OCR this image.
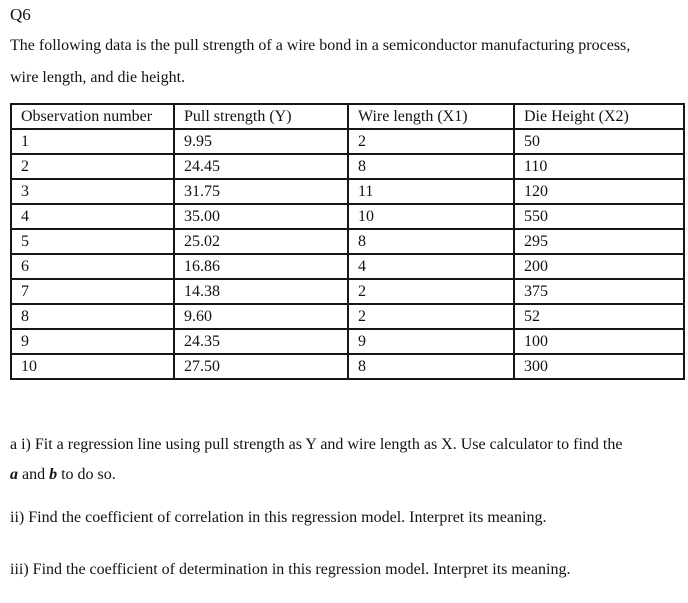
Q6
The following data is the pull strength of a wire bond in a semiconductor manufacturing process,
wire length, and die height.
Observation number	Pull strength (Y)	Wire length (X1)	Die Height (X2)
1	9.95	2	50
2	24.45	8	110
3	31.75	11	120
4	35.00	10	550
5	25.02	8	295
6	16.86	4	200
7	14.38	2	375
8	9.60	2	52
9	24.35	9	100
10	27.50	8	300
a i) Fit a regression line using pull strength as Y and wire length as X. Use calculator to find the
a and b to do so.
ii) Find the coefficient of correlation in this regression model. Interpret its meaning.
iii) Find the coefficient of determination in this regression model. Interpret its meaning.
